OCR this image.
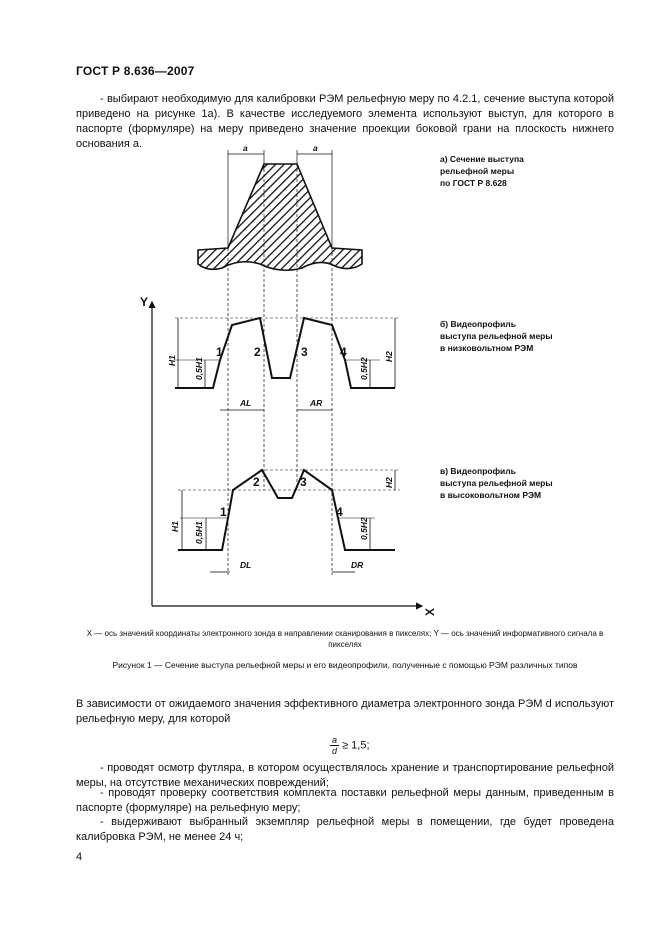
ГОСТ Р 8.636—2007
- выбирают необходимую для калибровки РЭМ рельефную меру по 4.2.1, сечение выступа которой приведено на рисунке 1а). В качестве исследуемого элемента используют выступ, для которого в паспорте (формуляре) на меру приведено значение проекции боковой грани на плоскость нижнего основания a.	a	a
Y
X
1	2	3	4
H1 0,5H1	0,5H2
H2
AL	AR
1
2	3
4
H1 0,5H1	0,5H2
H2
DL	DR
а) Сечение выступа
рельефной меры
по ГОСТ Р 8.628
б) Видеопрофиль
выступа рельефной меры
в низковольтном РЭМ
в) Видеопрофиль
выступа рельефной меры
в высоковольтном РЭМ
X — ось значений координаты электронного зонда в направлении сканирования в пикселях; Y — ось значений информативного сигнала в пикселях
Рисунок 1 — Сечение выступа рельефной меры и его видеопрофили, полученные с помощью РЭМ различных типов
В зависимости от ожидаемого значения эффективного диаметра электронного зонда РЭМ d используют рельефную меру, для которой
$\frac{a}{d} \ge 1,5$;
- проводят осмотр футляра, в котором осуществлялось хранение и транспортирование рельефной меры, на отсутствие механических повреждений;
- проводят проверку соответствия комплекта поставки рельефной меры данным, приведенным в паспорте (формуляре) на рельефную меру;
- выдерживают выбранный экземпляр рельефной меры в помещении, где будет проведена калибровка РЭМ, не менее 24 ч;
4
